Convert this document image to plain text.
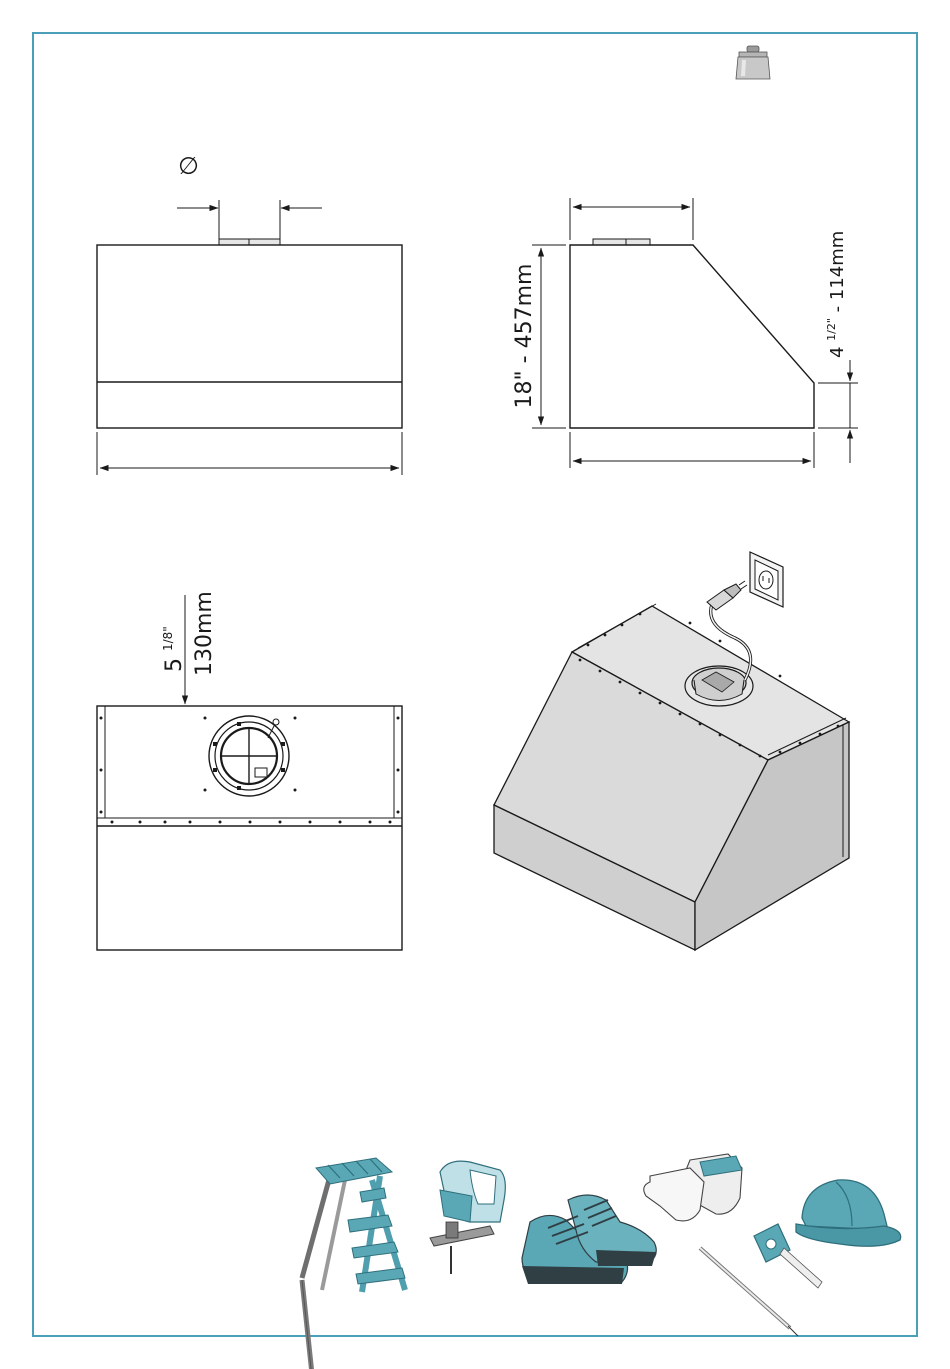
∅
18" - 457mm	4 $^{1/2"}$ - 114mm
5 $^{1/8"}$ 130mm
